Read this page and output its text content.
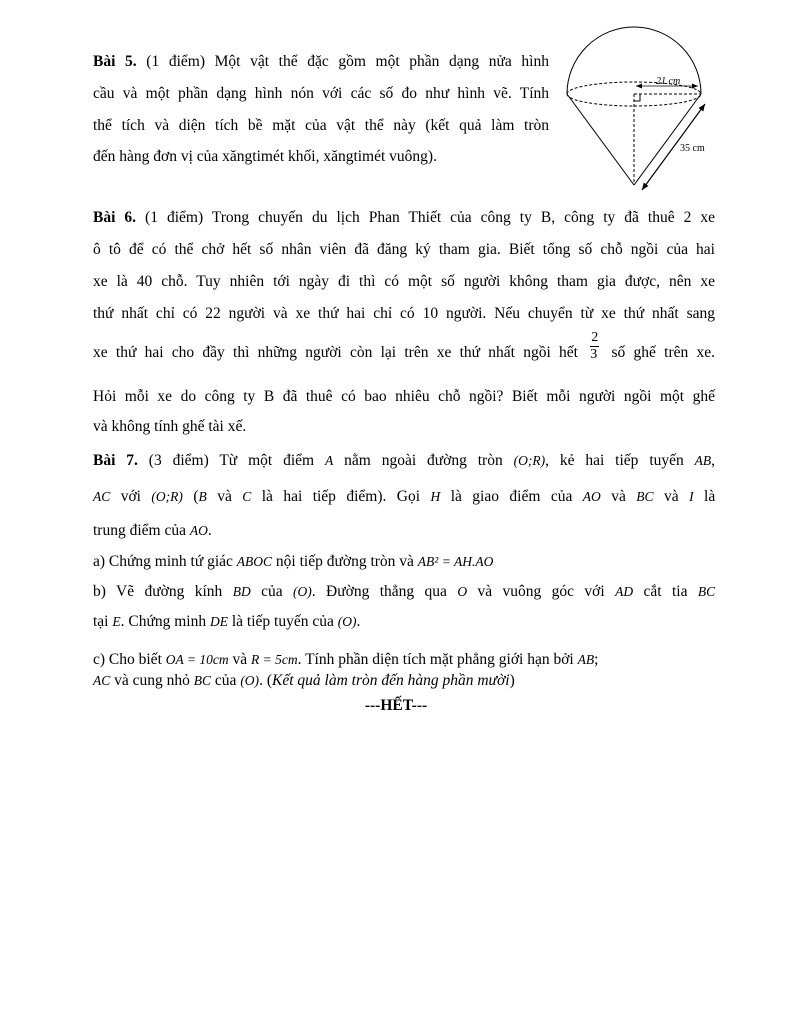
Bài 5. (1 điểm) Một vật thể đặc gồm một phần dạng nửa hình
cầu và một phần dạng hình nón với các số đo như hình vẽ. Tính
thể tích và diện tích bề mặt của vật thể này (kết quả làm tròn
đến hàng đơn vị của xăngtimét khối, xăngtimét vuông).
21 cm
35 cm
Bài 6. (1 điểm) Trong chuyến du lịch Phan Thiết của công ty B, công ty đã thuê 2 xe
ô tô để có thể chở hết số nhân viên đã đăng ký tham gia. Biết tổng số chỗ ngồi của hai
xe là 40 chỗ. Tuy nhiên tới ngày đi thì có một số người không tham gia được, nên xe
thứ nhất chỉ có 22 người và xe thứ hai chỉ có 10 người. Nếu chuyển từ xe thứ nhất sang
xe thứ hai cho đầy thì những người còn lại trên xe thứ nhất ngồi hết $\frac{2}{3}$ số ghế trên xe.
Hỏi mỗi xe do công ty B đã thuê có bao nhiêu chỗ ngồi? Biết mỗi người ngồi một ghế
và không tính ghế tài xế.
Bài 7. (3 điểm) Từ một điểm A nằm ngoài đường tròn (O;R), kẻ hai tiếp tuyến AB,
AC với (O;R) (B và C là hai tiếp điểm). Gọi H là giao điểm của AO và BC và I là
trung điểm của AO.
a) Chứng minh tứ giác ABOC nội tiếp đường tròn và AB² = AH.AO
b) Vẽ đường kính BD của (O). Đường thẳng qua O và vuông góc với AD cắt tia BC
tại E. Chứng minh DE là tiếp tuyến của (O).
c) Cho biết OA = 10cm và R = 5cm. Tính phần diện tích mặt phẳng giới hạn bởi AB;
AC và cung nhỏ BC của (O). (Kết quả làm tròn đến hàng phần mười)
---HẾT---
